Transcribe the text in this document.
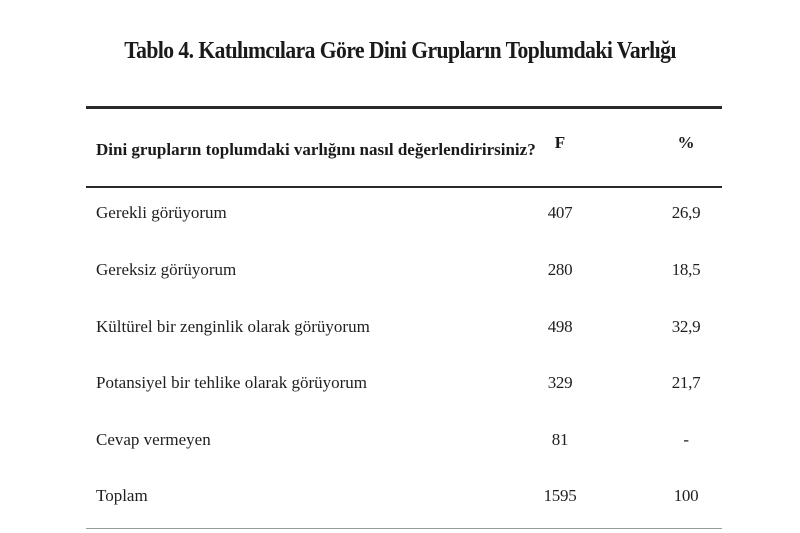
Tablo 4. Katılımcılara Göre Dini Grupların Toplumdaki Varlığı
Dini grupların toplumdaki varlığını nasıl değerlendirirsiniz?	F	%
Gerekli görüyorum	407	26,9
Gereksiz görüyorum	280	18,5
Kültürel bir zenginlik olarak görüyorum	498	32,9
Potansiyel bir tehlike olarak görüyorum	329	21,7
Cevap vermeyen	81	-
Toplam	1595	100
